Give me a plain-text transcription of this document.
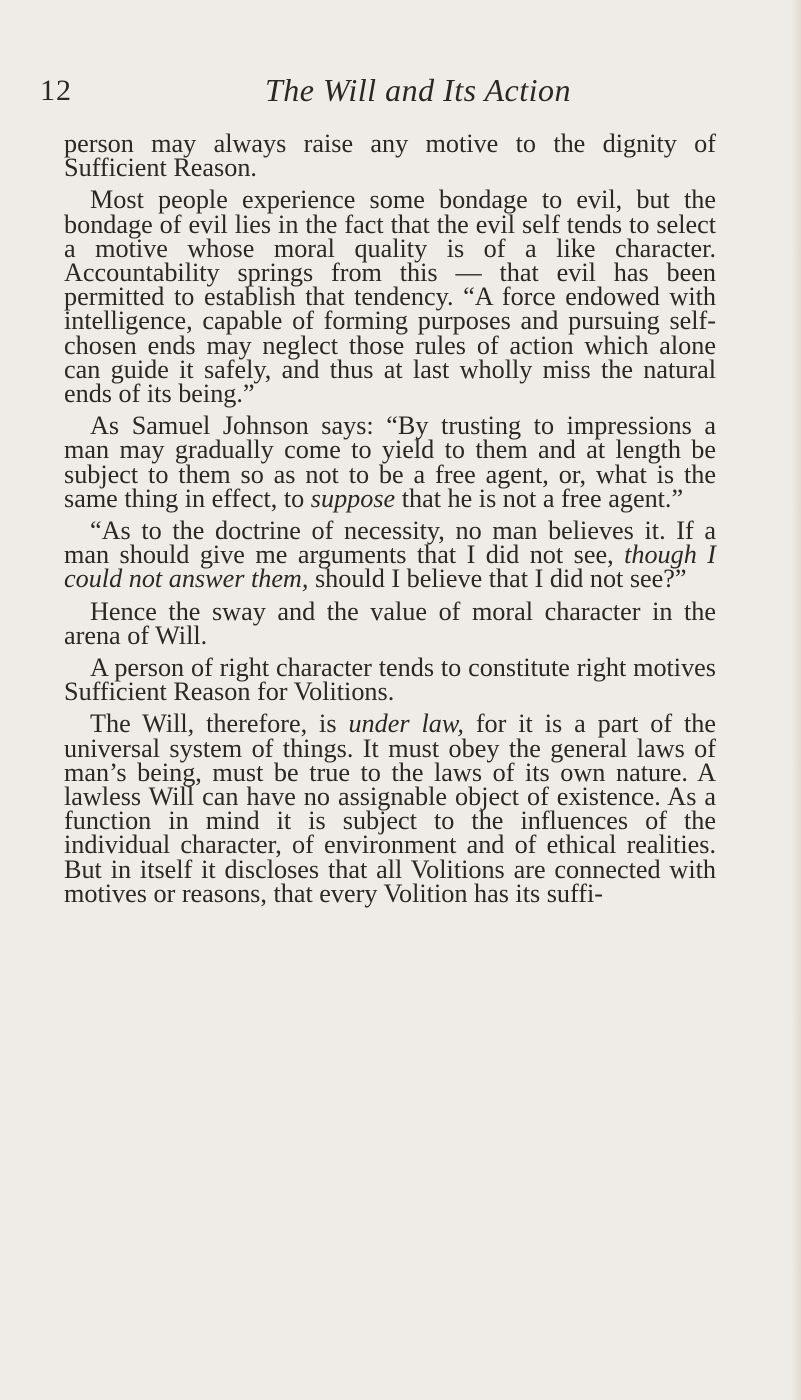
12	The Will and Its Action

person may always raise any motive to the dignity of Sufficient Reason.

Most people experience some bondage to evil, but the bondage of evil lies in the fact that the evil self tends to select a motive whose moral quality is of a like character. Accountability springs from this — that evil has been permitted to establish that tendency. “A force endowed with intelligence, capable of forming purposes and pursuing self-chosen ends may neglect those rules of action which alone can guide it safely, and thus at last wholly miss the natural ends of its being.”

As Samuel Johnson says: “By trusting to impressions a man may gradually come to yield to them and at length be subject to them so as not to be a free agent, or, what is the same thing in effect, to suppose that he is not a free agent.”

“As to the doctrine of necessity, no man believes it. If a man should give me arguments that I did not see, though I could not answer them, should I believe that I did not see?”

Hence the sway and the value of moral character in the arena of Will.

A person of right character tends to constitute right motives Sufficient Reason for Volitions.

The Will, therefore, is under law, for it is a part of the universal system of things. It must obey the general laws of man’s being, must be true to the laws of its own nature. A lawless Will can have no assignable object of existence. As a function in mind it is subject to the influences of the individual character, of environment and of ethical realities. But in itself it discloses that all Volitions are connected with motives or reasons, that every Volition has its suffi-
